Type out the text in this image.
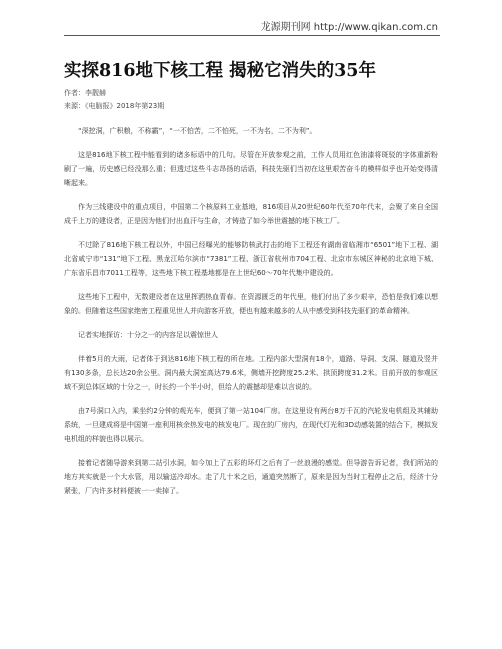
龙源期刊网 http://www.qikan.com.cn
实探816地下核工程 揭秘它消失的35年
作者：李靓赫
来源：《电脑报》2018年第23期

“深挖洞，广积粮，不称霸”，“一不怕苦，二不怕死，一不为名，二不为利”。

这是816地下核工程中能看到的诸多标语中的几句。尽管在开放参观之前，工作人员用红色油漆将斑驳的字体重新粉刷了一遍，历史感已经没那么重；但透过这些斗志昂扬的话语，科技先驱们当初在这里艰苦奋斗的模样似乎也开始变得清晰起来。

作为三线建设中的重点项目，中国第二个核原料工业基地，816项目从20世纪60年代至70年代末，会聚了来自全国成千上万的建设者，正是因为他们付出血汗与生命，才铸造了如今举世震撼的地下核工厂。

不过除了816地下核工程以外，中国已经曝光的能够防核武打击的地下工程还有湖南省临湘市“6501”地下工程、湖北省咸宁市“131”地下工程、黑龙江哈尔滨市“7381”工程、浙江省杭州市704工程、北京市东城区神秘的北京地下城、广东省乐昌市7011工程等，这些地下核工程基地都是在上世纪60～70年代集中建设的。

这些地下工程中，无数建设者在这里挥洒热血青春。在资源匮乏的年代里，他们付出了多少艰辛，恐怕是我们难以想象的。但随着这些国家绝密工程重见世人并向游客开放，便也有越来越多的人从中感受到科技先驱们的革命精神。

记者实地探访：十分之一的内容足以震惊世人

伴着5月的大雨，记者体于到达816地下核工程的所在地。工程内部大型洞有18个，道路、导洞、支洞、隧道及竖井有130多条，总长达20余公里。洞内最大洞室高达79.6米，侧墙开挖跨度25.2米、拱顶跨度31.2米。目前开放的参观区域不到总体区域的十分之一，时长约一个半小时，但给人的震撼却是难以言说的。

由7号洞口入内，乘坐约2分钟的观光车，便到了第一站104厂房。在这里设有两台8万千瓦的汽轮发电机组及其辅助系统，一旦建成将是中国第一座利用核余热发电的核发电厂。现在的厂房内，在现代灯光和3D动感装置的结合下，模拟发电机组的样貌也得以展示。

接着记者随导游来到第二站引水洞，如今加上了五彩的环灯之后有了一丝浪漫的感觉。但导游告诉记者，我们所站的地方其实就是一个大水管，用以输送冷却水。走了几十米之后，通道突然断了，原来是因为当时工程停止之后，经济十分紧张，厂内许多材料便被一一卖掉了。
